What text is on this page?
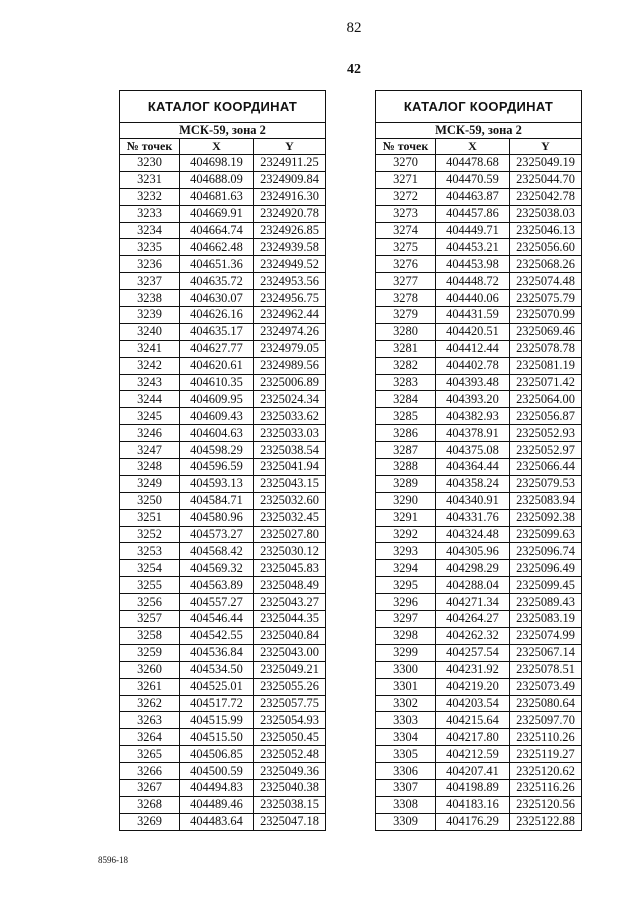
82
42
КАТАЛОГ КООРДИНАТ		
МСК-59, зона 2		
№ точек	X	Y
3230	404698.19	2324911.25
3231	404688.09	2324909.84
3232	404681.63	2324916.30
3233	404669.91	2324920.78
3234	404664.74	2324926.85
3235	404662.48	2324939.58
3236	404651.36	2324949.52
3237	404635.72	2324953.56
3238	404630.07	2324956.75
3239	404626.16	2324962.44
3240	404635.17	2324974.26
3241	404627.77	2324979.05
3242	404620.61	2324989.56
3243	404610.35	2325006.89
3244	404609.95	2325024.34
3245	404609.43	2325033.62
3246	404604.63	2325033.03
3247	404598.29	2325038.54
3248	404596.59	2325041.94
3249	404593.13	2325043.15
3250	404584.71	2325032.60
3251	404580.96	2325032.45
3252	404573.27	2325027.80
3253	404568.42	2325030.12
3254	404569.32	2325045.83
3255	404563.89	2325048.49
3256	404557.27	2325043.27
3257	404546.44	2325044.35
3258	404542.55	2325040.84
3259	404536.84	2325043.00
3260	404534.50	2325049.21
3261	404525.01	2325055.26
3262	404517.72	2325057.75
3263	404515.99	2325054.93
3264	404515.50	2325050.45
3265	404506.85	2325052.48
3266	404500.59	2325049.36
3267	404494.83	2325040.38
3268	404489.46	2325038.15
3269	404483.64	2325047.18
КАТАЛОГ КООРДИНАТ		
МСК-59, зона 2		
№ точек	X	Y
3270	404478.68	2325049.19
3271	404470.59	2325044.70
3272	404463.87	2325042.78
3273	404457.86	2325038.03
3274	404449.71	2325046.13
3275	404453.21	2325056.60
3276	404453.98	2325068.26
3277	404448.72	2325074.48
3278	404440.06	2325075.79
3279	404431.59	2325070.99
3280	404420.51	2325069.46
3281	404412.44	2325078.78
3282	404402.78	2325081.19
3283	404393.48	2325071.42
3284	404393.20	2325064.00
3285	404382.93	2325056.87
3286	404378.91	2325052.93
3287	404375.08	2325052.97
3288	404364.44	2325066.44
3289	404358.24	2325079.53
3290	404340.91	2325083.94
3291	404331.76	2325092.38
3292	404324.48	2325099.63
3293	404305.96	2325096.74
3294	404298.29	2325096.49
3295	404288.04	2325099.45
3296	404271.34	2325089.43
3297	404264.27	2325083.19
3298	404262.32	2325074.99
3299	404257.54	2325067.14
3300	404231.92	2325078.51
3301	404219.20	2325073.49
3302	404203.54	2325080.64
3303	404215.64	2325097.70
3304	404217.80	2325110.26
3305	404212.59	2325119.27
3306	404207.41	2325120.62
3307	404198.89	2325116.26
3308	404183.16	2325120.56
3309	404176.29	2325122.88
8596-18
